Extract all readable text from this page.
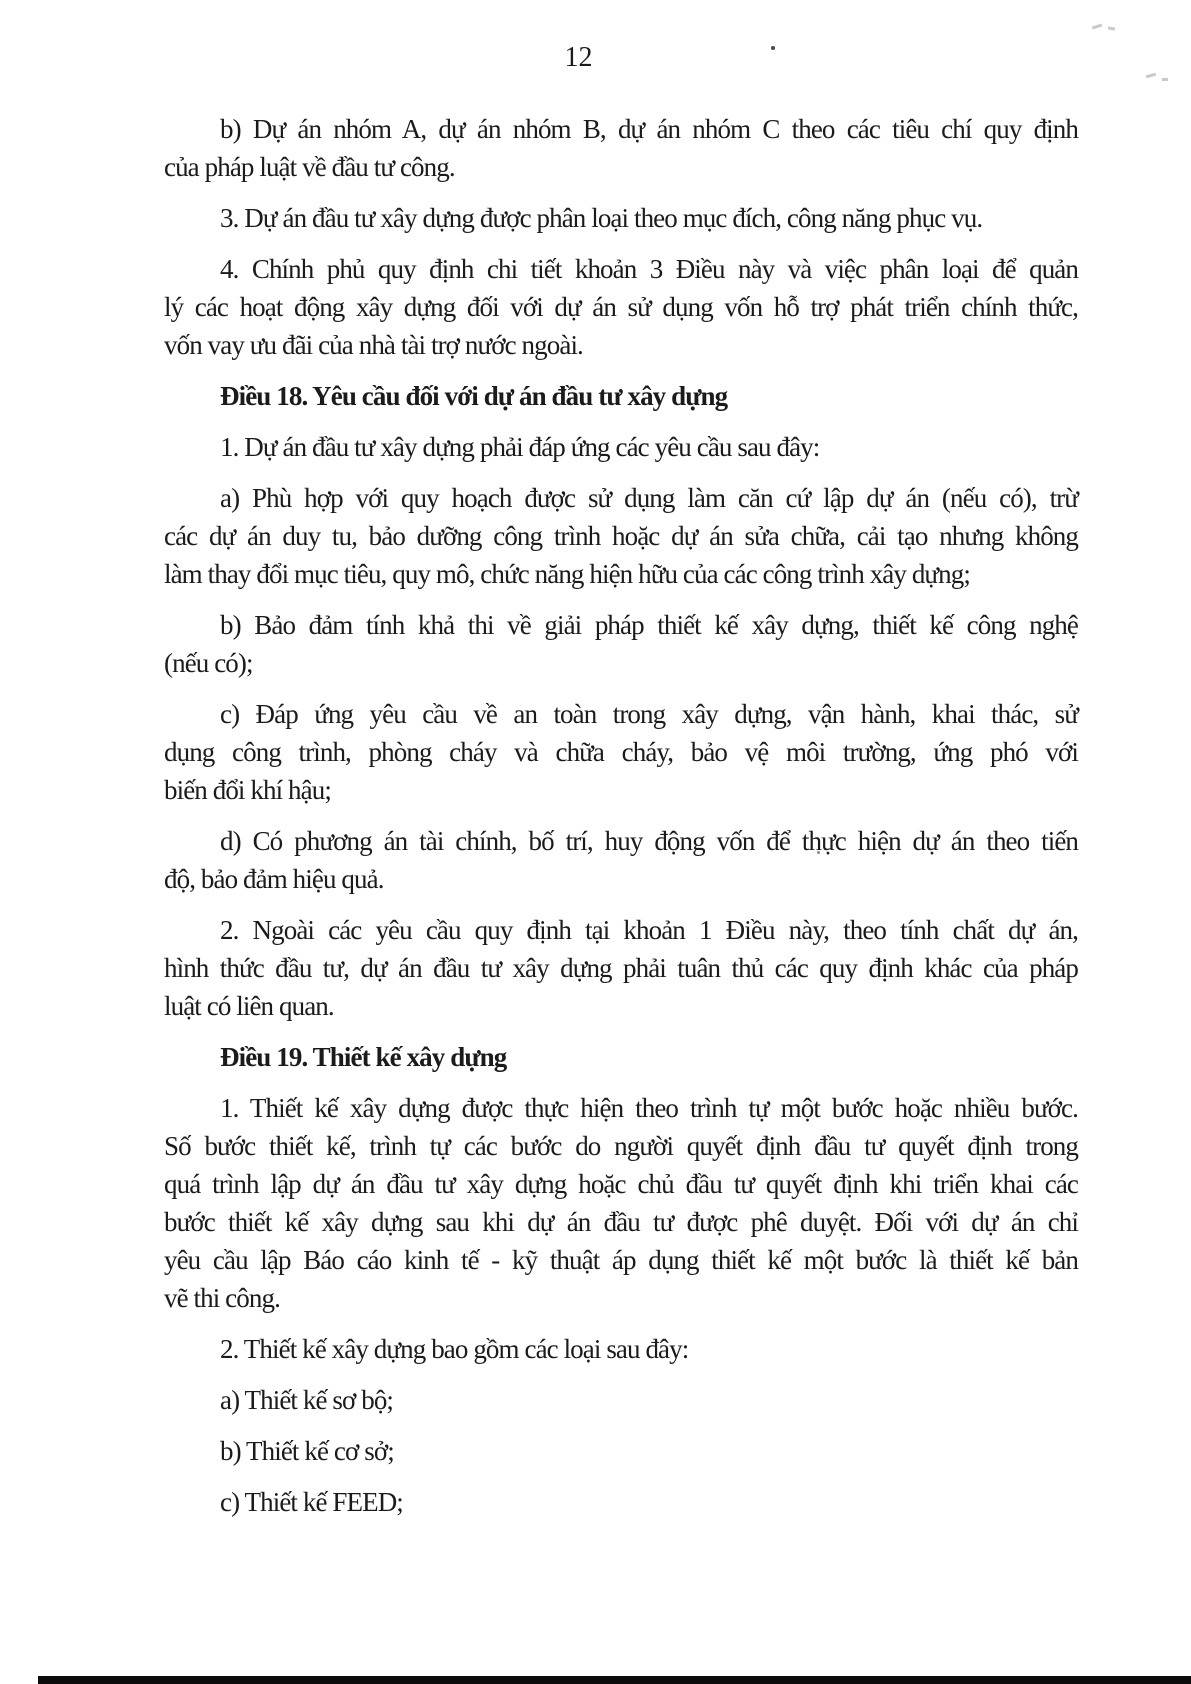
12
b) Dự án nhóm A, dự án nhóm B, dự án nhóm C theo các tiêu chí quy định
của pháp luật về đầu tư công.
3. Dự án đầu tư xây dựng được phân loại theo mục đích, công năng phục vụ.
4. Chính phủ quy định chi tiết khoản 3 Điều này và việc phân loại để quản
lý các hoạt động xây dựng đối với dự án sử dụng vốn hỗ trợ phát triển chính thức,
vốn vay ưu đãi của nhà tài trợ nước ngoài.
Điều 18. Yêu cầu đối với dự án đầu tư xây dựng
1. Dự án đầu tư xây dựng phải đáp ứng các yêu cầu sau đây:
a) Phù hợp với quy hoạch được sử dụng làm căn cứ lập dự án (nếu có), trừ
các dự án duy tu, bảo dưỡng công trình hoặc dự án sửa chữa, cải tạo nhưng không
làm thay đổi mục tiêu, quy mô, chức năng hiện hữu của các công trình xây dựng;
b) Bảo đảm tính khả thi về giải pháp thiết kế xây dựng, thiết kế công nghệ
(nếu có);
c) Đáp ứng yêu cầu về an toàn trong xây dựng, vận hành, khai thác, sử
dụng công trình, phòng cháy và chữa cháy, bảo vệ môi trường, ứng phó với
biến đổi khí hậu;
d) Có phương án tài chính, bố trí, huy động vốn để thực hiện dự án theo tiến
độ, bảo đảm hiệu quả.
2. Ngoài các yêu cầu quy định tại khoản 1 Điều này, theo tính chất dự án,
hình thức đầu tư, dự án đầu tư xây dựng phải tuân thủ các quy định khác của pháp
luật có liên quan.
Điều 19. Thiết kế xây dựng
1. Thiết kế xây dựng được thực hiện theo trình tự một bước hoặc nhiều bước.
Số bước thiết kế, trình tự các bước do người quyết định đầu tư quyết định trong
quá trình lập dự án đầu tư xây dựng hoặc chủ đầu tư quyết định khi triển khai các
bước thiết kế xây dựng sau khi dự án đầu tư được phê duyệt. Đối với dự án chỉ
yêu cầu lập Báo cáo kinh tế - kỹ thuật áp dụng thiết kế một bước là thiết kế bản
vẽ thi công.
2. Thiết kế xây dựng bao gồm các loại sau đây:
a) Thiết kế sơ bộ;
b) Thiết kế cơ sở;
c) Thiết kế FEED;
